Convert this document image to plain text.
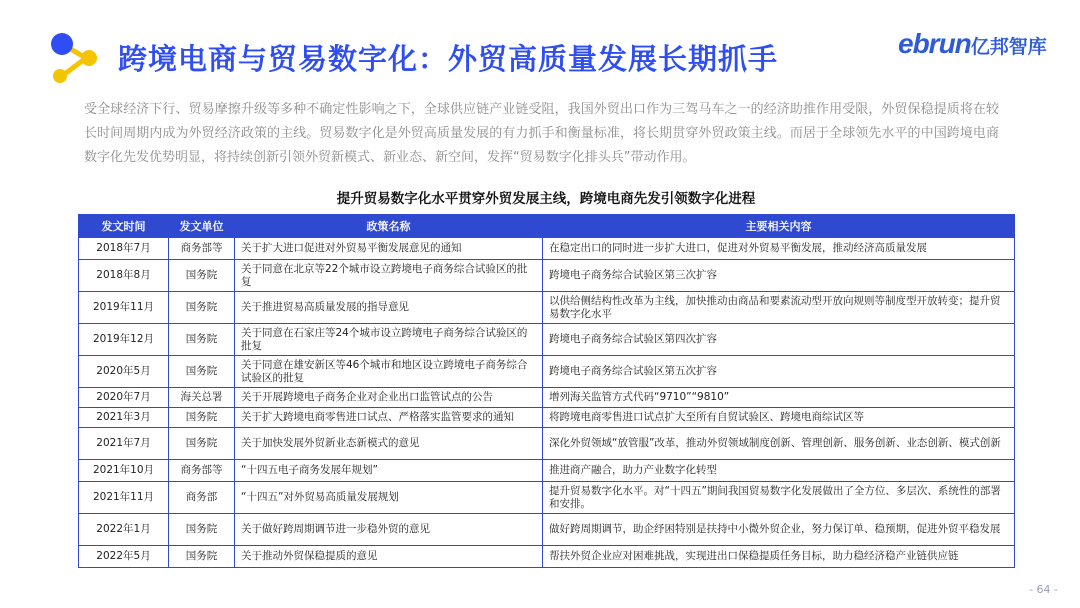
跨境电商与贸易数字化：外贸高质量发展长期抓手	ebrun亿邦智库
受全球经济下行、贸易摩擦升级等多种不确定性影响之下，全球供应链产业链受阻，我国外贸出口作为三驾马车之一的经济助推作用受限，外贸保稳提质将在较长时间周期内成为外贸经济政策的主线。贸易数字化是外贸高质量发展的有力抓手和衡量标准，将长期贯穿外贸政策主线。而居于全球领先水平的中国跨境电商数字化先发优势明显，将持续创新引领外贸新模式、新业态、新空间，发挥“贸易数字化排头兵”带动作用。
提升贸易数字化水平贯穿外贸发展主线，跨境电商先发引领数字化进程
发文时间	发文单位	政策名称	主要相关内容
2018年7月	商务部等	关于扩大进口促进对外贸易平衡发展意见的通知	在稳定出口的同时进一步扩大进口，促进对外贸易平衡发展，推动经济高质量发展
2018年8月	国务院	关于同意在北京等22个城市设立跨境电子商务综合试验区的批复	跨境电子商务综合试验区第三次扩容
2019年11月	国务院	关于推进贸易高质量发展的指导意见	以供给侧结构性改革为主线，加快推动由商品和要素流动型开放向规则等制度型开放转变；提升贸易数字化水平
2019年12月	国务院	关于同意在石家庄等24个城市设立跨境电子商务综合试验区的批复	跨境电子商务综合试验区第四次扩容
2020年5月	国务院	关于同意在雄安新区等46个城市和地区设立跨境电子商务综合试验区的批复	跨境电子商务综合试验区第五次扩容
2020年7月	海关总署	关于开展跨境电子商务企业对企业出口监管试点的公告	增列海关监管方式代码“9710”“9810”
2021年3月	国务院	关于扩大跨境电商零售进口试点、严格落实监管要求的通知	将跨境电商零售进口试点扩大至所有自贸试验区、跨境电商综试区等
2021年7月	国务院	关于加快发展外贸新业态新模式的意见	深化外贸领域“放管服”改革，推动外贸领域制度创新、管理创新、服务创新、业态创新、模式创新
2021年10月	商务部等	“十四五电子商务发展年规划”	推进商产融合，助力产业数字化转型
2021年11月	商务部	“十四五”对外贸易高质量发展规划	提升贸易数字化水平。对“十四五”期间我国贸易数字化发展做出了全方位、多层次、系统性的部署和安排。
2022年1月	国务院	关于做好跨周期调节进一步稳外贸的意见	做好跨周期调节，助企纾困特别是扶持中小微外贸企业，努力保订单、稳预期，促进外贸平稳发展
2022年5月	国务院	关于推动外贸保稳提质的意见	帮扶外贸企业应对困难挑战，实现进出口保稳提质任务目标，助力稳经济稳产业链供应链
- 64 -
